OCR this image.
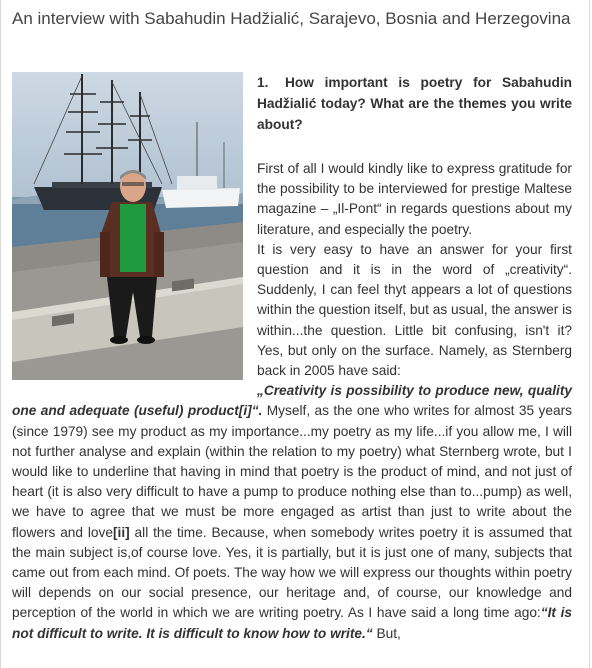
An interview with Sabahudin Hadžialić, Sarajevo, Bosnia and Herzegovina
1. How important is poetry for Sabahudin Hadžialić today? What are the themes you write about?

First of all I would kindly like to express gratitude for the possibility to be interviewed for prestige Maltese magazine – „Il-Pont“ in regards questions about my literature, and especially the poetry.

It is very easy to have an answer for your first question and it is in the word of „creativity“. Suddenly, I can feel thyt appears a lot of questions within the question itself, but as usual, the answer is within...the question. Little bit confusing, isn't it? Yes, but only on the surface. Namely, as Sternberg back in 2005 have said:

„Creativity is possibility to produce new, quality one and adequate (useful) product[i]“. Myself, as the one who writes for almost 35 years (since 1979) see my product as my importance...my poetry as my life...if you allow me, I will not further analyse and explain (within the relation to my poetry) what Sternberg wrote, but I would like to underline that having in mind that poetry is the product of mind, and not just of heart (it is also very difficult to have a pump to produce nothing else than to...pump) as well, we have to agree that we must be more engaged as artist than just to write about the flowers and love[ii] all the time. Because, when somebody writes poetry it is assumed that the main subject is,of course love. Yes, it is partially, but it is just one of many, subjects that came out from each mind. Of poets. The way how we will express our thoughts within poetry will depends on our social presence, our heritage and, of course, our knowledge and perception of the world in which we are writing poetry. As I have said a long time ago:“It is not difficult to write. It is difficult to know how to write.“ But,
